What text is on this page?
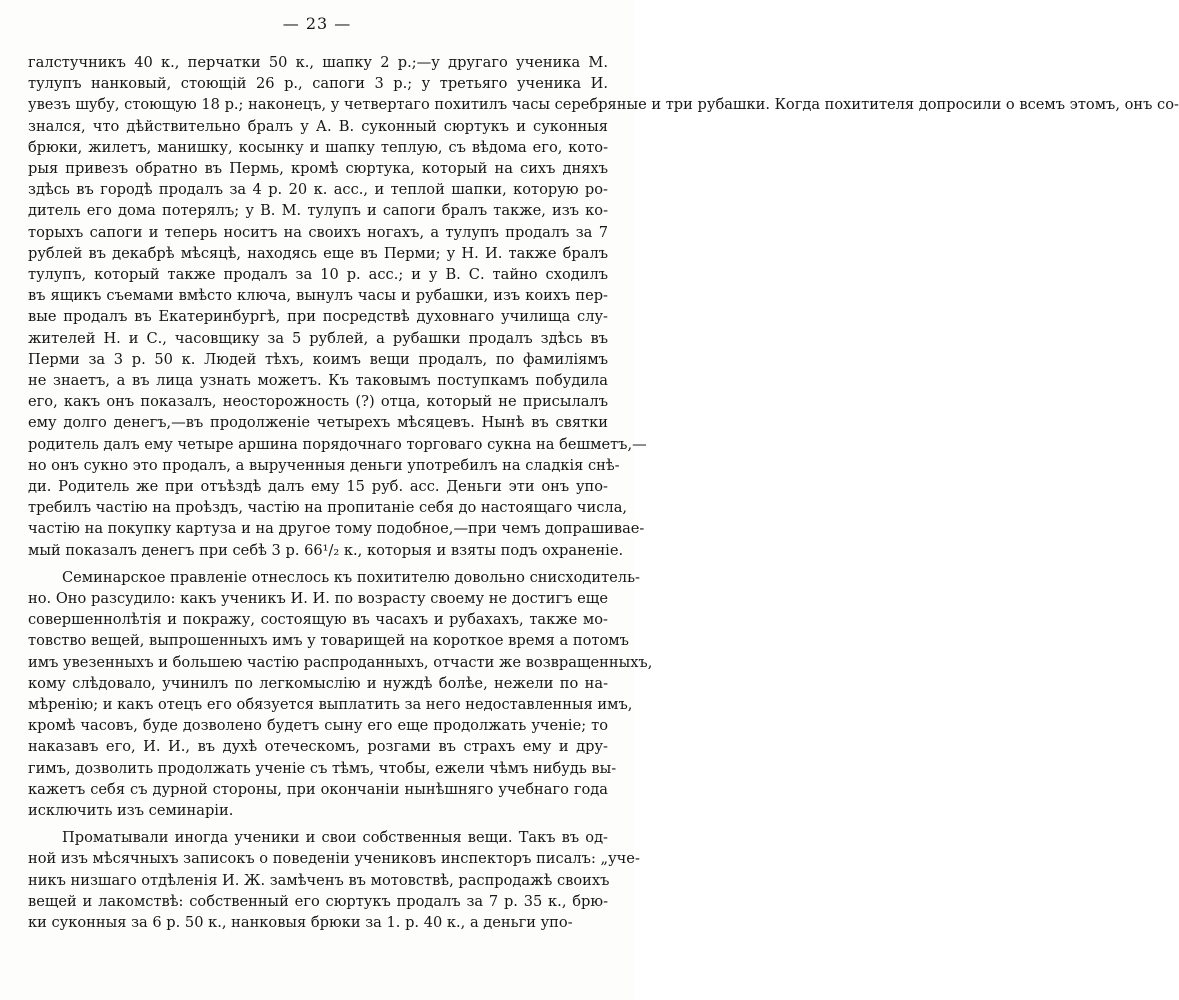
— 23 —
галстучникъ 40 к., перчатки 50 к., шапку 2 р.;—у другаго ученика М.
тулупъ нанковый, стоющій 26 р., сапоги 3 р.; у третьяго ученика И.
увезъ шубу, стоющую 18 р.; наконецъ, у четвертаго похитилъ часы серебряные и три рубашки. Когда похитителя допросили о всемъ этомъ, онъ со-
знался, что дѣйствительно бралъ у А. В. суконный сюртукъ и суконныя
брюки, жилетъ, манишку, косынку и шапку теплую, съ вѣдома его, кото-
рыя привезъ обратно въ Пермь, кромѣ сюртука, который на сихъ дняхъ
здѣсь въ городѣ продалъ за 4 р. 20 к. асс., и теплой шапки, которую ро-
дитель его дома потерялъ; у В. М. тулупъ и сапоги бралъ также, изъ ко-
торыхъ сапоги и теперь носитъ на своихъ ногахъ, а тулупъ продалъ за 7
рублей въ декабрѣ мѣсяцѣ, находясь еще въ Перми; у Н. И. также бралъ
тулупъ, который также продалъ за 10 р. асс.; и у В. С. тайно сходилъ
въ ящикъ съемами вмѣсто ключа, вынулъ часы и рубашки, изъ коихъ пер-
вые продалъ въ Екатеринбургѣ, при посредствѣ духовнаго училища слу-
жителей Н. и С., часовщику за 5 рублей, а рубашки продалъ здѣсь въ
Перми за 3 р. 50 к. Людей тѣхъ, коимъ вещи продалъ, по фамиліямъ
не знаетъ, а въ лица узнать можетъ. Къ таковымъ поступкамъ побудила
его, какъ онъ показалъ, неосторожность (?) отца, который не присылалъ
ему долго денегъ,—въ продолженіе четырехъ мѣсяцевъ. Нынѣ въ святки
родитель далъ ему четыре аршина порядочнаго торговаго сукна на бешметъ,—
но онъ сукно это продалъ, а вырученныя деньги употребилъ на сладкія снѣ-
ди. Родитель же при отъѣздѣ далъ ему 15 руб. асс. Деньги эти онъ упо-
требилъ частію на проѣздъ, частію на пропитаніе себя до настоящаго числа,
частію на покупку картуза и на другое тому подобное,—при чемъ допрашивае-
мый показалъ денегъ при себѣ 3 р. 66¹/₂ к., которыя и взяты подъ охраненіе.
Семинарское правленіе отнеслось къ похитителю довольно снисходитель-
но. Оно разсудило: какъ ученикъ И. И. по возрасту своему не достигъ еще
совершеннолѣтія и покражу, состоящую въ часахъ и рубахахъ, также мо-
товство вещей, выпрошенныхъ имъ у товарищей на короткое время а потомъ
имъ увезенныхъ и большею частію распроданныхъ, отчасти же возвращенныхъ,
кому слѣдовало, учинилъ по легкомыслію и нуждѣ болѣе, нежели по на-
мѣренію; и какъ отецъ его обязуется выплатить за него недоставленныя имъ,
кромѣ часовъ, буде дозволено будетъ сыну его еще продолжать ученіе; то
наказавъ его, И. И., въ духѣ отеческомъ, розгами въ страхъ ему и дру-
гимъ, дозволить продолжать ученіе съ тѣмъ, чтобы, ежели чѣмъ нибудь вы-
кажетъ себя съ дурной стороны, при окончаніи нынѣшняго учебнаго года
исключить изъ семинаріи.
Проматывали иногда ученики и свои собственныя вещи. Такъ въ од-
ной изъ мѣсячныхъ записокъ о поведеніи учениковъ инспекторъ писалъ: „уче-
никъ низшаго отдѣленія И. Ж. замѣченъ въ мотовствѣ, распродажѣ своихъ
вещей и лакомствѣ: собственный его сюртукъ продалъ за 7 р. 35 к., брю-
ки суконныя за 6 р. 50 к., нанковыя брюки за 1. р. 40 к., а деньги упо-
